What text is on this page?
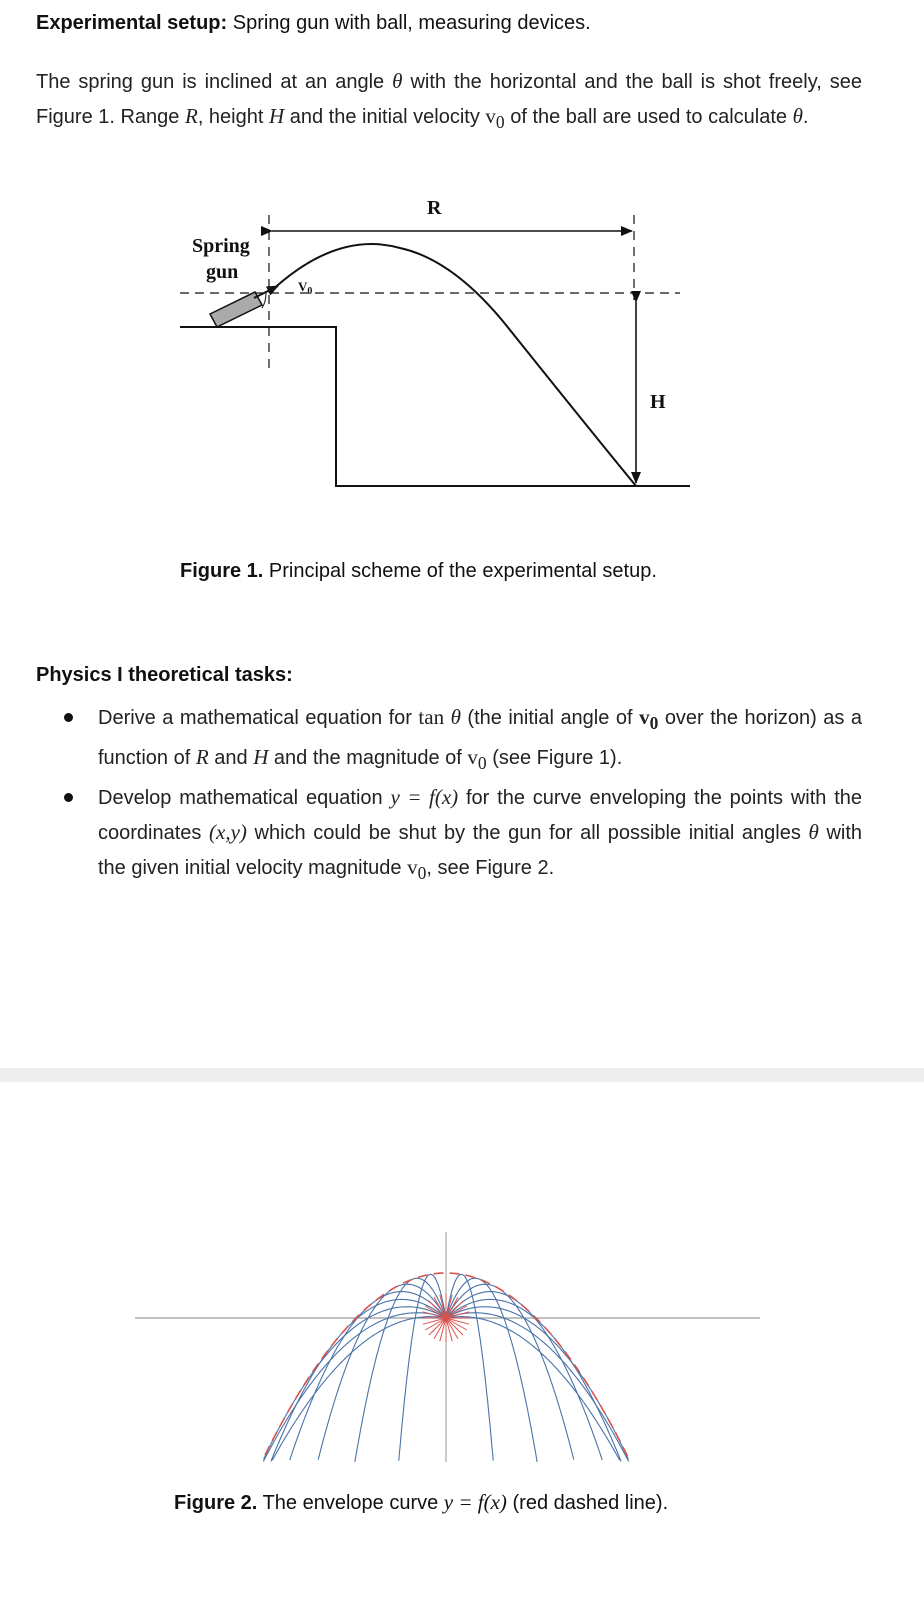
Experimental setup: Spring gun with ball, measuring devices.

The spring gun is inclined at an angle θ with the horizontal and the ball is shot freely, see Figure 1. Range R, height H and the initial velocity $v_0$ of the ball are used to calculate θ.

Spring
gun
$V_0$
R
H

Figure 1. Principal scheme of the experimental setup.

Physics I theoretical tasks:

Derive a mathematical equation for tan θ (the initial angle of $v_0$ over the horizon) as a function of R and H and the magnitude of $v_0$ (see Figure 1).
Develop mathematical equation y = f(x) for the curve enveloping the points with the coordinates (x,y) which could be shut by the gun for all possible initial angles θ with the given initial velocity magnitude $v_0$, see Figure 2.

Figure 2. The envelope curve y = f(x) (red dashed line).
